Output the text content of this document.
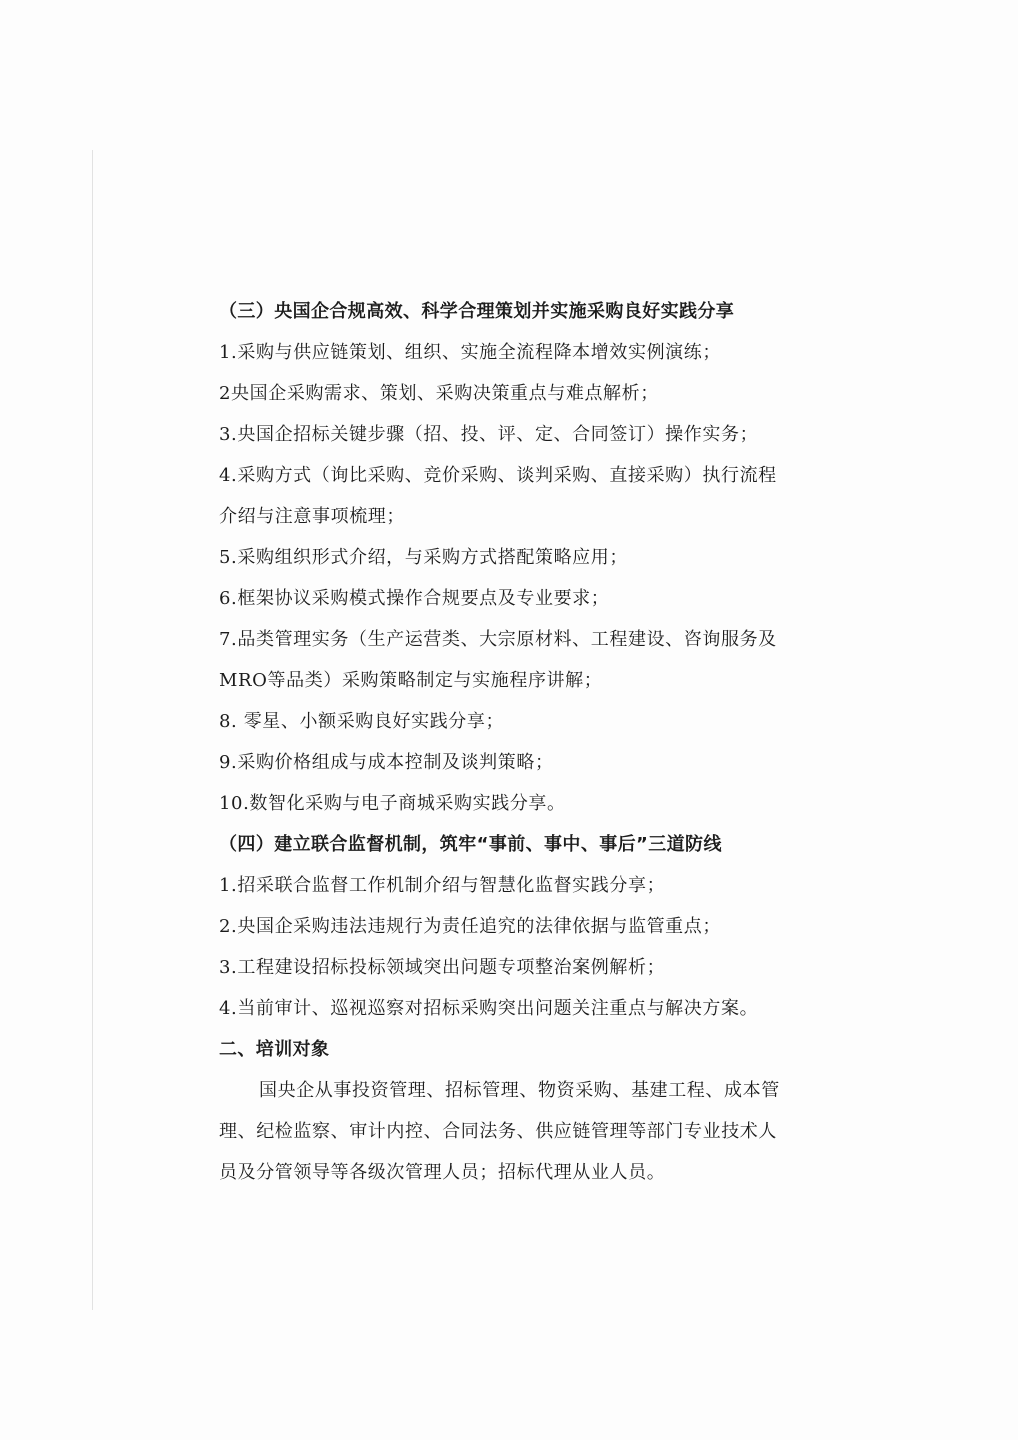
（三）央国企合规高效、科学合理策划并实施采购良好实践分享
1.采购与供应链策划、组织、实施全流程降本增效实例演练；
2央国企采购需求、策划、采购决策重点与难点解析；
3.央国企招标关键步骤（招、投、评、定、合同签订）操作实务；
4.采购方式（询比采购、竞价采购、谈判采购、直接采购）执行流程
介绍与注意事项梳理；
5.采购组织形式介绍，与采购方式搭配策略应用；
6.框架协议采购模式操作合规要点及专业要求；
7.品类管理实务（生产运营类、大宗原材料、工程建设、咨询服务及
MRO等品类）采购策略制定与实施程序讲解；
8. 零星、小额采购良好实践分享；
9.采购价格组成与成本控制及谈判策略；
10.数智化采购与电子商城采购实践分享。
（四）建立联合监督机制，筑牢“事前、事中、事后”三道防线
1.招采联合监督工作机制介绍与智慧化监督实践分享；
2.央国企采购违法违规行为责任追究的法律依据与监管重点；
3.工程建设招标投标领域突出问题专项整治案例解析；
4.当前审计、巡视巡察对招标采购突出问题关注重点与解决方案。
二、培训对象
国央企从事投资管理、招标管理、物资采购、基建工程、成本管
理、纪检监察、审计内控、合同法务、供应链管理等部门专业技术人
员及分管领导等各级次管理人员；招标代理从业人员。
